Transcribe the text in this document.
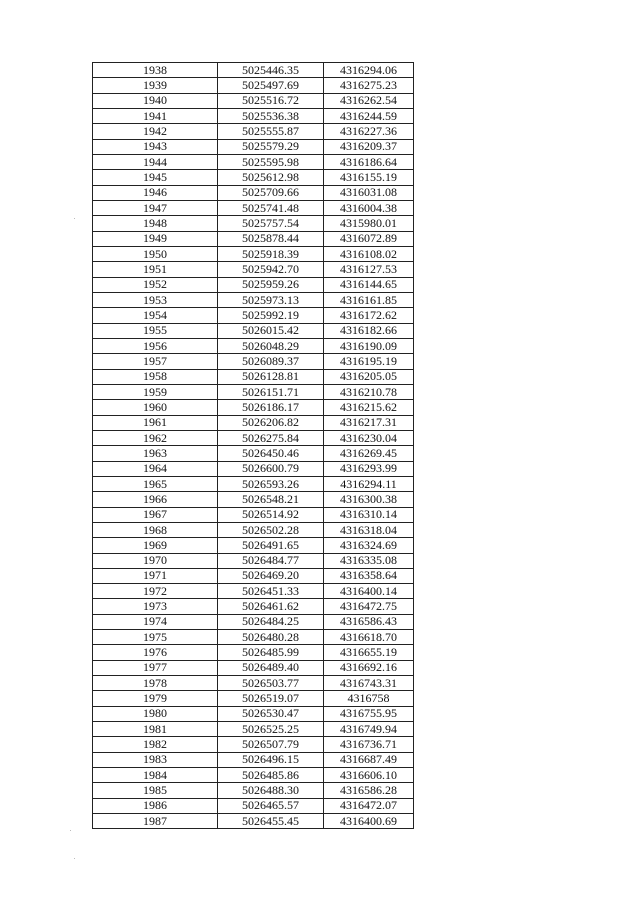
1938	5025446.35	4316294.06
1939	5025497.69	4316275.23
1940	5025516.72	4316262.54
1941	5025536.38	4316244.59
1942	5025555.87	4316227.36
1943	5025579.29	4316209.37
1944	5025595.98	4316186.64
1945	5025612.98	4316155.19
1946	5025709.66	4316031.08
1947	5025741.48	4316004.38
1948	5025757.54	4315980.01
1949	5025878.44	4316072.89
1950	5025918.39	4316108.02
1951	5025942.70	4316127.53
1952	5025959.26	4316144.65
1953	5025973.13	4316161.85
1954	5025992.19	4316172.62
1955	5026015.42	4316182.66
1956	5026048.29	4316190.09
1957	5026089.37	4316195.19
1958	5026128.81	4316205.05
1959	5026151.71	4316210.78
1960	5026186.17	4316215.62
1961	5026206.82	4316217.31
1962	5026275.84	4316230.04
1963	5026450.46	4316269.45
1964	5026600.79	4316293.99
1965	5026593.26	4316294.11
1966	5026548.21	4316300.38
1967	5026514.92	4316310.14
1968	5026502.28	4316318.04
1969	5026491.65	4316324.69
1970	5026484.77	4316335.08
1971	5026469.20	4316358.64
1972	5026451.33	4316400.14
1973	5026461.62	4316472.75
1974	5026484.25	4316586.43
1975	5026480.28	4316618.70
1976	5026485.99	4316655.19
1977	5026489.40	4316692.16
1978	5026503.77	4316743.31
1979	5026519.07	4316758
1980	5026530.47	4316755.95
1981	5026525.25	4316749.94
1982	5026507.79	4316736.71
1983	5026496.15	4316687.49
1984	5026485.86	4316606.10
1985	5026488.30	4316586.28
1986	5026465.57	4316472.07
1987	5026455.45	4316400.69
